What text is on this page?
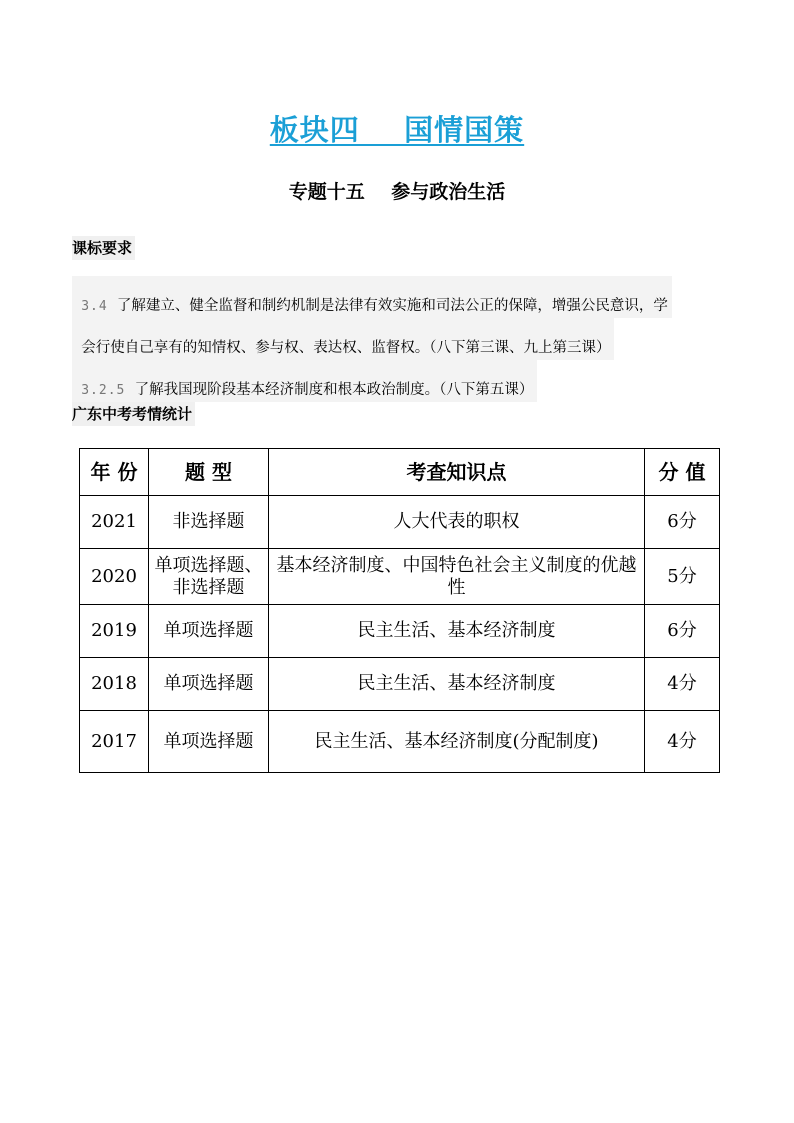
板块四    国情国策
专题十五    参与政治生活
课标要求

3.4  了解建立、健全监督和制约机制是法律有效实施和司法公正的保障，增强公民意识，学

会行使自己享有的知情权、参与权、表达权、监督权。（八下第三课、九上第三课）

3.2.5  了解我国现阶段基本经济制度和根本政治制度。（八下第五课）

广东中考考情统计
年 份	题 型	考查知识点	分 值
2021	非选择题	人大代表的职权	6分
2020	单项选择题、非选择题	基本经济制度、中国特色社会主义制度的优越性	5分
2019	单项选择题	民主生活、基本经济制度	6分
2018	单项选择题	民主生活、基本经济制度	4分
2017	单项选择题	民主生活、基本经济制度(分配制度)	4分
